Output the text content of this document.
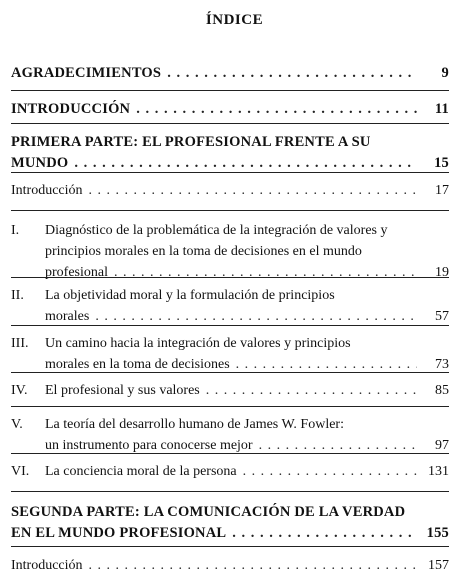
ÍNDICE
AGRADECIMIENTOS . . .	9
INTRODUCCIÓN . . .	11
PRIMERA PARTE: EL PROFESIONAL FRENTE A SU
MUNDO . . .	15
Introducción . . .	17
I.	Diagnóstico de la problemática de la integración de valores y
principios morales en la toma de decisiones en el mundo
profesional . . .	19
II.	La objetividad moral y la formulación de principios
morales . . .	57
III.	Un camino hacia la integración de valores y principios
morales en la toma de decisiones . . .	73
IV.	El profesional y sus valores . . .	85
V.	La teoría del desarrollo humano de James W. Fowler:
un instrumento para conocerse mejor . . .	97
VI.	La conciencia moral de la persona . . .	131
SEGUNDA PARTE: LA COMUNICACIÓN DE LA VERDAD
EN EL MUNDO PROFESIONAL . . .	155
Introducción . . .	157
